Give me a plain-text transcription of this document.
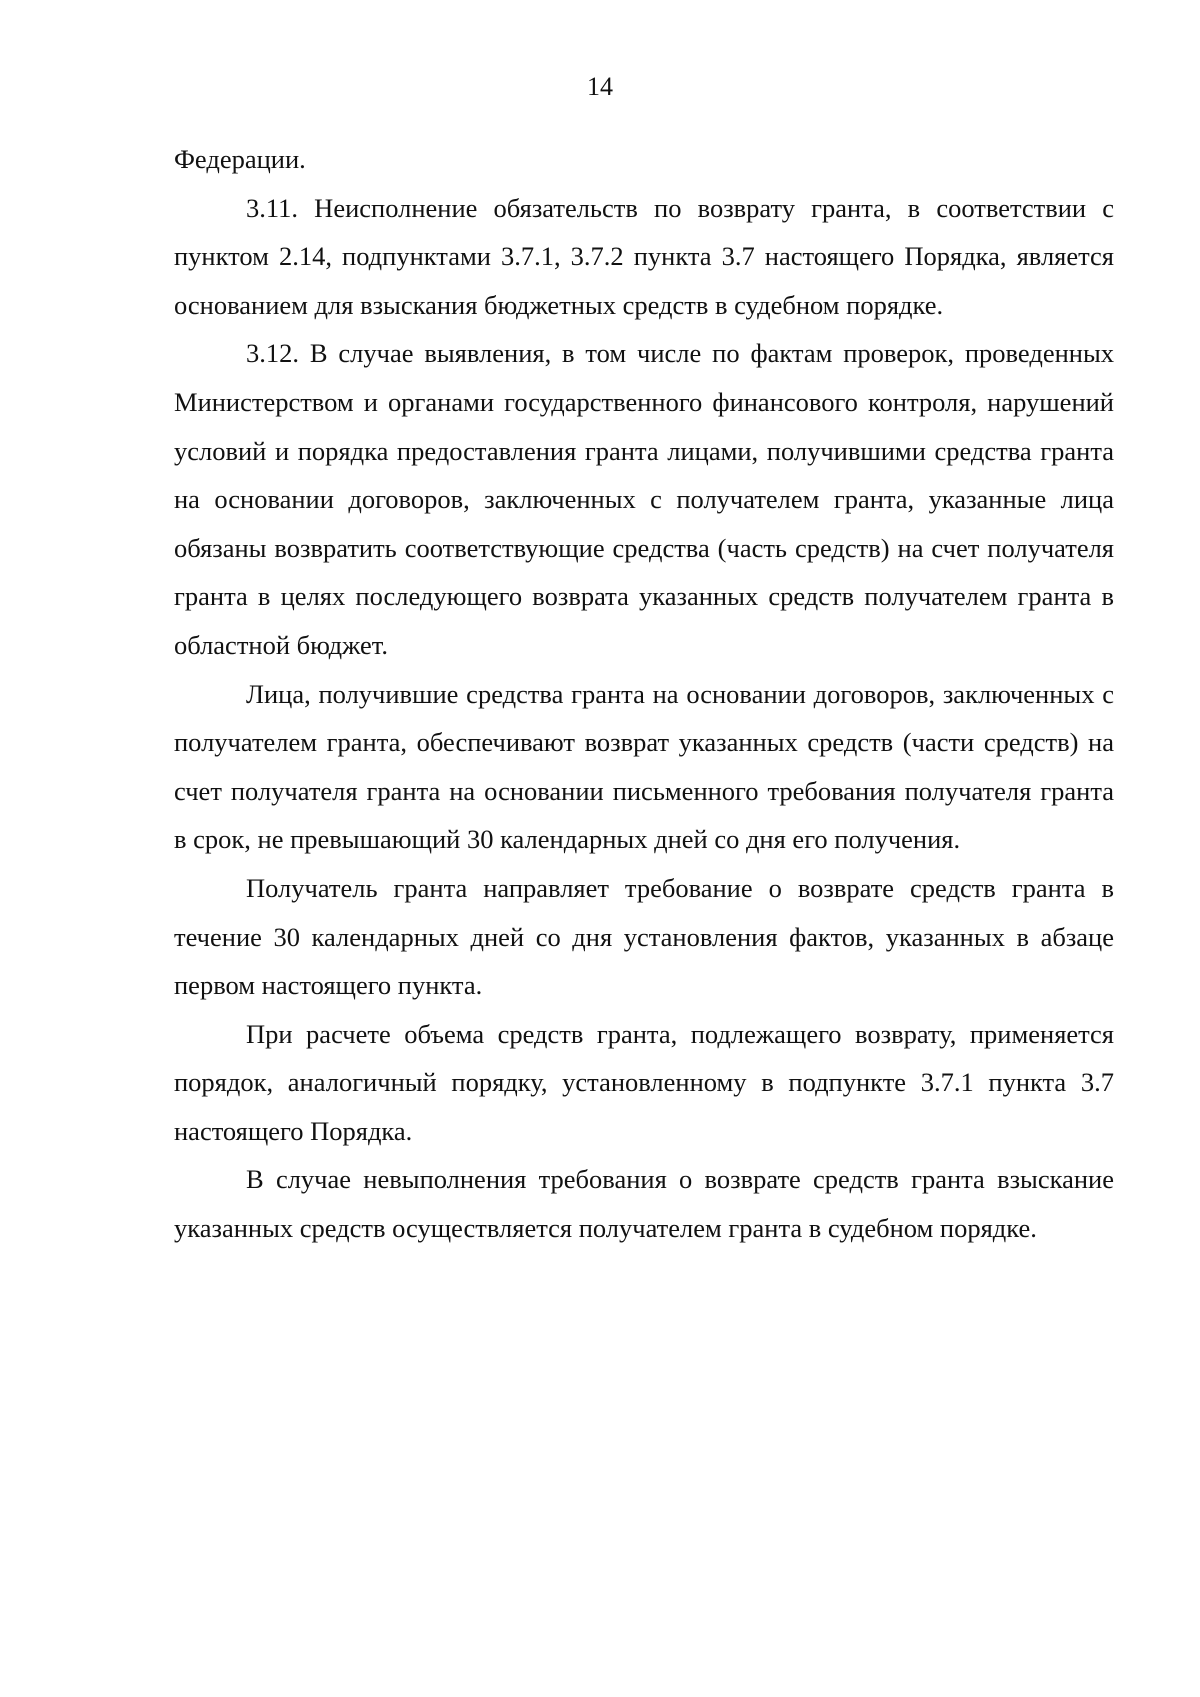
14

Федерации.

3.11. Неисполнение обязательств по возврату гранта, в соответствии с пунктом 2.14, подпунктами 3.7.1, 3.7.2 пункта 3.7 настоящего Порядка, является основанием для взыскания бюджетных средств в судебном порядке.

3.12. В случае выявления, в том числе по фактам проверок, проведенных Министерством и органами государственного финансового контроля, нарушений условий и порядка предоставления гранта лицами, получившими средства гранта на основании договоров, заключенных с получателем гранта, указанные лица обязаны возвратить соответствующие средства (часть средств) на счет получателя гранта в целях последующего возврата указанных средств получателем гранта в областной бюджет.

Лица, получившие средства гранта на основании договоров, заключенных с получателем гранта, обеспечивают возврат указанных средств (части средств) на счет получателя гранта на основании письменного требования получателя гранта в срок, не превышающий 30 календарных дней со дня его получения.

Получатель гранта направляет требование о возврате средств гранта в течение 30 календарных дней со дня установления фактов, указанных в абзаце первом настоящего пункта.

При расчете объема средств гранта, подлежащего возврату, применяется порядок, аналогичный порядку, установленному в подпункте 3.7.1 пункта 3.7 настоящего Порядка.

В случае невыполнения требования о возврате средств гранта взыскание указанных средств осуществляется получателем гранта в судебном порядке.
